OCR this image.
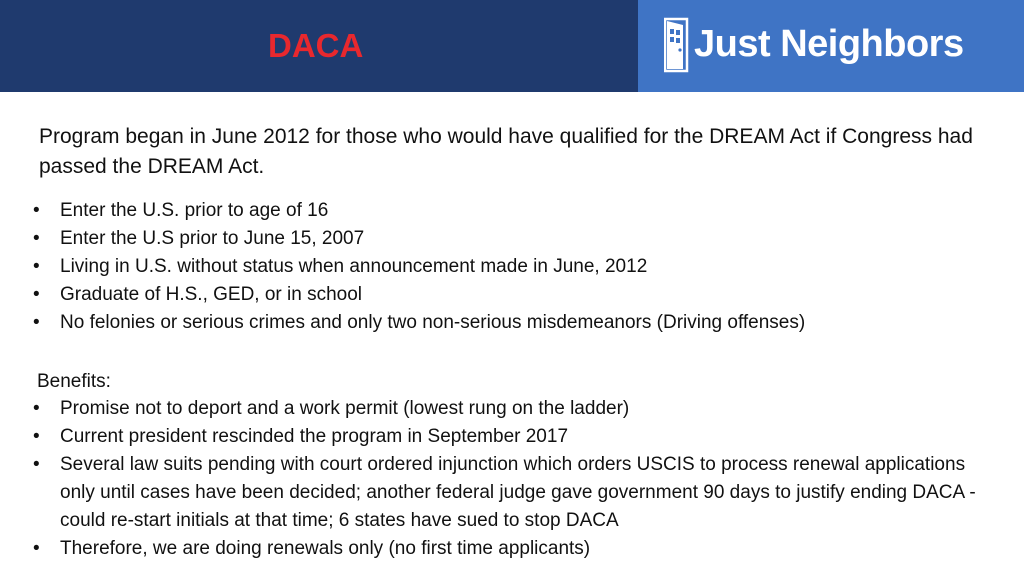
DACA	Just Neighbors
Program began in June 2012 for those who would have qualified for the DREAM Act if Congress had passed the DREAM Act.
•	Enter the U.S. prior to age of 16
•	Enter the U.S prior to June 15, 2007
•	Living in U.S. without status when announcement made in June, 2012
•	Graduate of H.S., GED, or in school
•	No felonies or serious crimes and only two non-serious misdemeanors (Driving offenses)
Benefits:
•	Promise not to deport and a work permit (lowest rung on the ladder)
•	Current president rescinded the program in September 2017
•	Several law suits pending with court ordered injunction which orders USCIS to process renewal applications only until cases have been decided; another federal judge gave government 90 days to justify ending DACA - could re-start initials at that time; 6 states have sued to stop DACA
•	Therefore, we are doing renewals only (no first time applicants)
